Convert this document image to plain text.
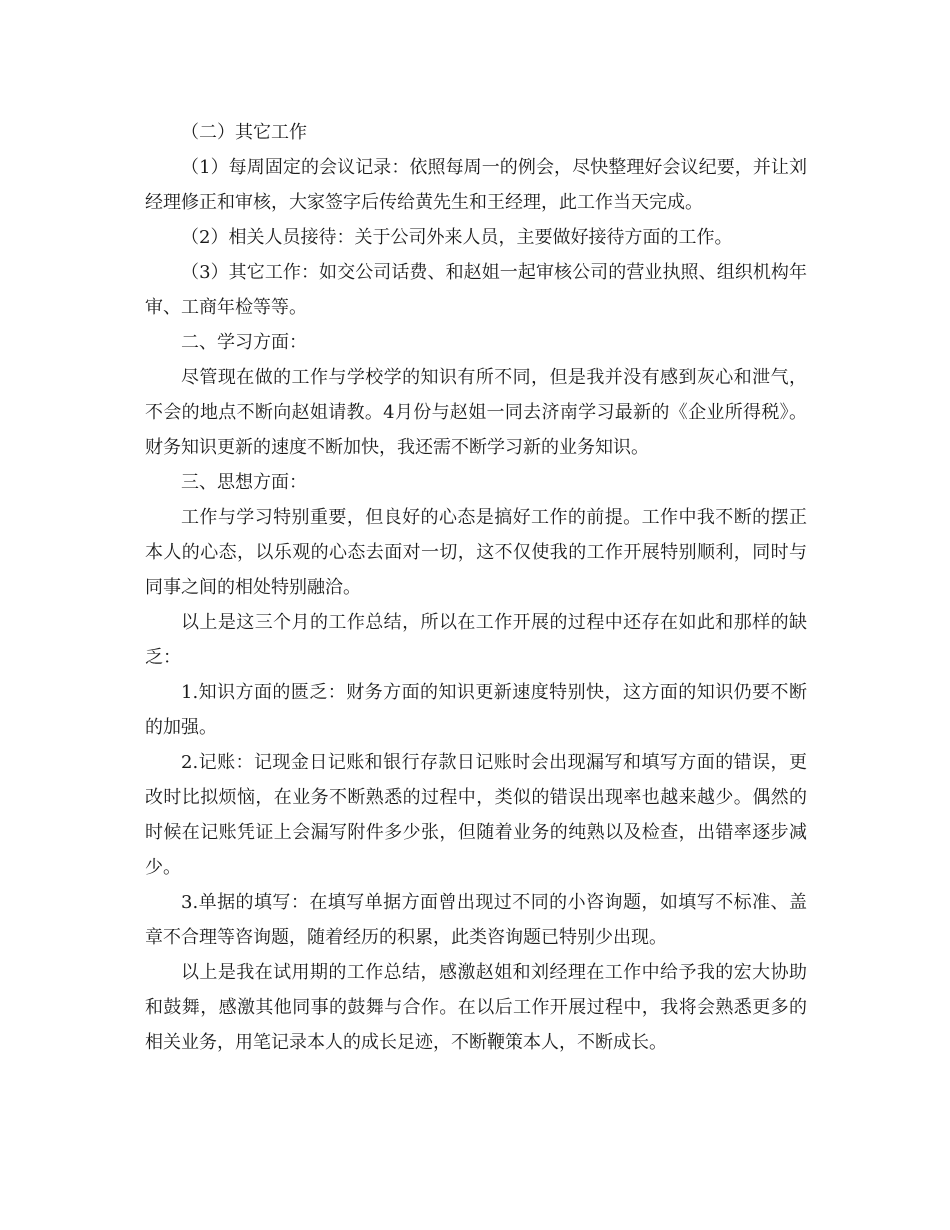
（二）其它工作

（1）每周固定的会议记录：依照每周一的例会，尽快整理好会议纪要，并让刘经理修正和审核，大家签字后传给黄先生和王经理，此工作当天完成。

（2）相关人员接待：关于公司外来人员，主要做好接待方面的工作。

（3）其它工作：如交公司话费、和赵姐一起审核公司的营业执照、组织机构年审、工商年检等等。

二、学习方面：

尽管现在做的工作与学校学的知识有所不同，但是我并没有感到灰心和泄气，不会的地点不断向赵姐请教。4月份与赵姐一同去济南学习最新的《企业所得税》。财务知识更新的速度不断加快，我还需不断学习新的业务知识。

三、思想方面：

工作与学习特别重要，但良好的心态是搞好工作的前提。工作中我不断的摆正本人的心态，以乐观的心态去面对一切，这不仅使我的工作开展特别顺利，同时与同事之间的相处特别融洽。

以上是这三个月的工作总结，所以在工作开展的过程中还存在如此和那样的缺乏：

1.知识方面的匮乏：财务方面的知识更新速度特别快，这方面的知识仍要不断的加强。

2.记账：记现金日记账和银行存款日记账时会出现漏写和填写方面的错误，更改时比拟烦恼，在业务不断熟悉的过程中，类似的错误出现率也越来越少。偶然的时候在记账凭证上会漏写附件多少张，但随着业务的纯熟以及检查，出错率逐步减少。

3.单据的填写：在填写单据方面曾出现过不同的小咨询题，如填写不标准、盖章不合理等咨询题，随着经历的积累，此类咨询题已特别少出现。

以上是我在试用期的工作总结，感激赵姐和刘经理在工作中给予我的宏大协助和鼓舞，感激其他同事的鼓舞与合作。在以后工作开展过程中，我将会熟悉更多的相关业务，用笔记录本人的成长足迹，不断鞭策本人，不断成长。
